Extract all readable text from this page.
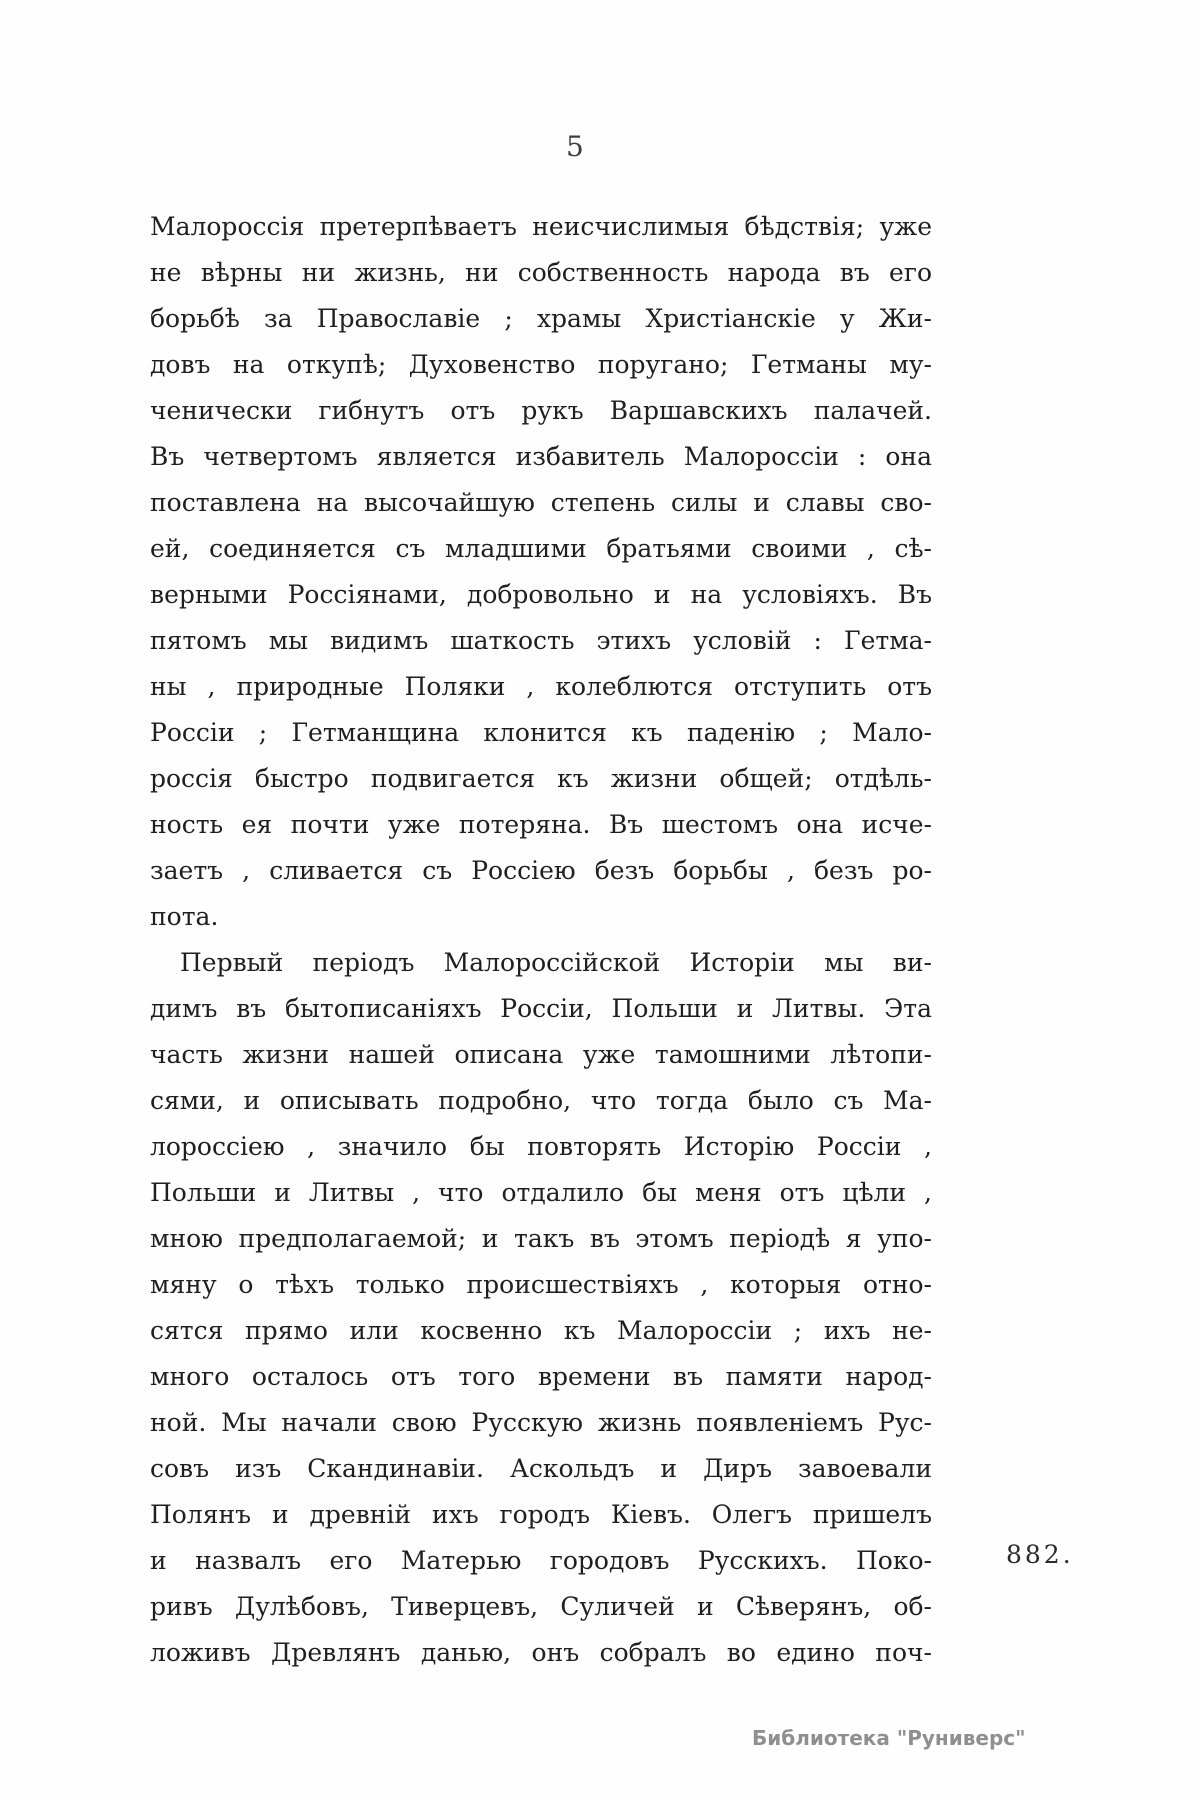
5
Малороссія претерпѣваетъ неисчислимыя бѣдствія; уже
не вѣрны ни жизнь, ни собственность народа въ его
борьбѣ за Православіе ; храмы Христіанскіе у Жи-
довъ на откупѣ; Духовенство поругано; Гетманы му-
ченически гибнутъ отъ рукъ Варшавскихъ палачей.
Въ четвертомъ является избавитель Малороссіи : она
поставлена на высочайшую степень силы и славы сво-
ей, соединяется съ младшими братьями своими , сѣ-
верными Россіянами, добровольно и на условіяхъ. Въ
пятомъ мы видимъ шаткость этихъ условій : Гетма-
ны , природные Поляки , колеблются отступить отъ
Россіи ; Гетманщина клонится къ паденію ; Мало-
россія быстро подвигается къ жизни общей; отдѣль-
ность ея почти уже потеряна. Въ шестомъ она исче-
заетъ , сливается съ Россіею безъ борьбы , безъ ро-
пота.
Первый періодъ Малороссійской Исторіи мы ви-
димъ въ бытописаніяхъ Россіи, Польши и Литвы. Эта
часть жизни нашей описана уже тамошними лѣтопи-
сями, и описывать подробно, что тогда было съ Ма-
лороссіею , значило бы повторять Исторію Россіи ,
Польши и Литвы , что отдалило бы меня отъ цѣли ,
мною предполагаемой; и такъ въ этомъ періодѣ я упо-
мяну о тѣхъ только происшествіяхъ , которыя отно-
сятся прямо или косвенно къ Малороссіи ; ихъ не-
много осталось отъ того времени въ памяти народ-
ной. Мы начали свою Русскую жизнь появленіемъ Рус-
совъ изъ Скандинавіи. Аскольдъ и Диръ завоевали
Полянъ и древній ихъ городъ Кіевъ. Олегъ пришелъ
и назвалъ его Матерью городовъ Русскихъ. Поко-
ривъ Дулѣбовъ, Тиверцевъ, Суличей и Сѣверянъ, об-
ложивъ Древлянъ данью, онъ собралъ во едино поч-
882.
Библиотека "Руниверс"
